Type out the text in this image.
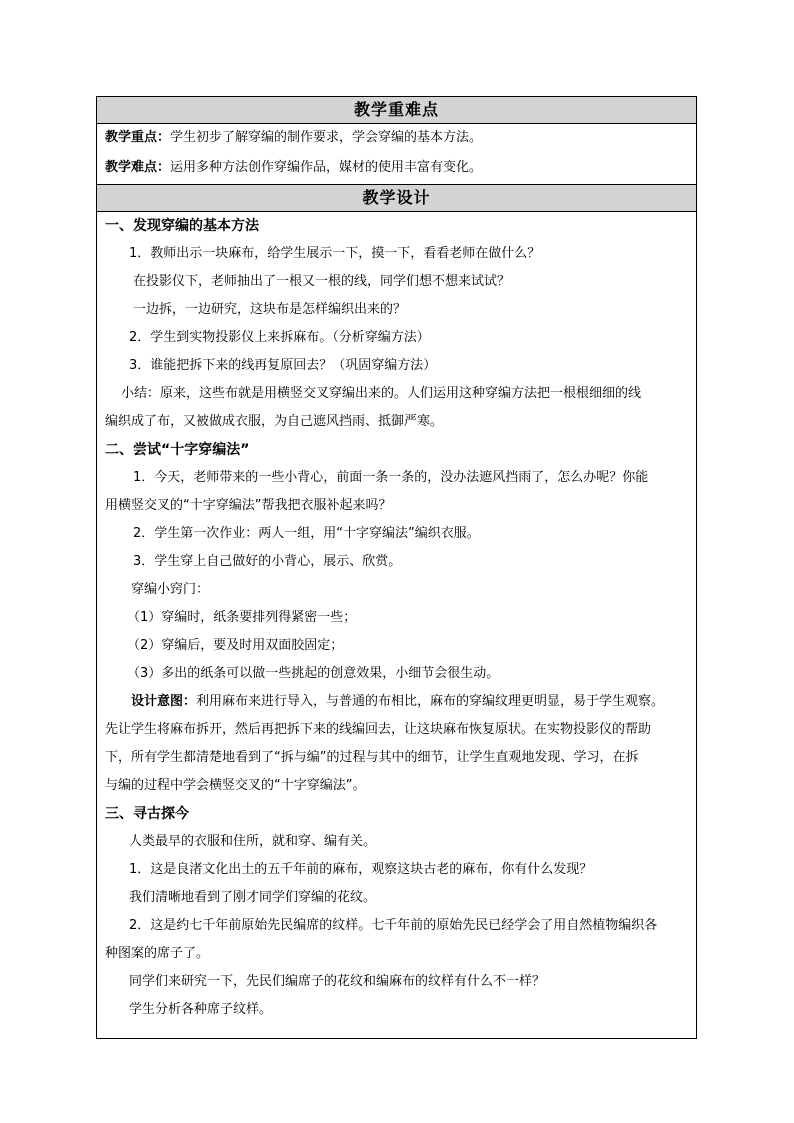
教学重难点
教学重点：学生初步了解穿编的制作要求，学会穿编的基本方法。
教学难点：运用多种方法创作穿编作品，媒材的使用丰富有变化。
教学设计
一、发现穿编的基本方法
1．教师出示一块麻布，给学生展示一下，摸一下，看看老师在做什么？
在投影仪下，老师抽出了一根又一根的线，同学们想不想来试试？
一边拆，一边研究，这块布是怎样编织出来的？
2．学生到实物投影仪上来拆麻布。（分析穿编方法）
3．谁能把拆下来的线再复原回去？（巩固穿编方法）
小结：原来，这些布就是用横竖交叉穿编出来的。人们运用这种穿编方法把一根根细细的线
编织成了布，又被做成衣服，为自己遮风挡雨、抵御严寒。
二、尝试“十字穿编法”
1．今天，老师带来的一些小背心，前面一条一条的，没办法遮风挡雨了，怎么办呢？你能
用横竖交叉的“十字穿编法”帮我把衣服补起来吗？
2．学生第一次作业：两人一组，用“十字穿编法”编织衣服。
3．学生穿上自己做好的小背心，展示、欣赏。
穿编小窍门：
（1）穿编时，纸条要排列得紧密一些；
（2）穿编后，要及时用双面胶固定；
（3）多出的纸条可以做一些挑起的创意效果，小细节会很生动。
设计意图：利用麻布来进行导入，与普通的布相比，麻布的穿编纹理更明显，易于学生观察。
先让学生将麻布拆开，然后再把拆下来的线编回去，让这块麻布恢复原状。在实物投影仪的帮助
下，所有学生都清楚地看到了“拆与编”的过程与其中的细节，让学生直观地发现、学习，在拆
与编的过程中学会横竖交叉的“十字穿编法”。
三、寻古探今
人类最早的衣服和住所，就和穿、编有关。
1．这是良渚文化出土的五千年前的麻布，观察这块古老的麻布，你有什么发现？
我们清晰地看到了刚才同学们穿编的花纹。
2．这是约七千年前原始先民编席的纹样。七千年前的原始先民已经学会了用自然植物编织各
种图案的席子了。
同学们来研究一下，先民们编席子的花纹和编麻布的纹样有什么不一样？
学生分析各种席子纹样。
